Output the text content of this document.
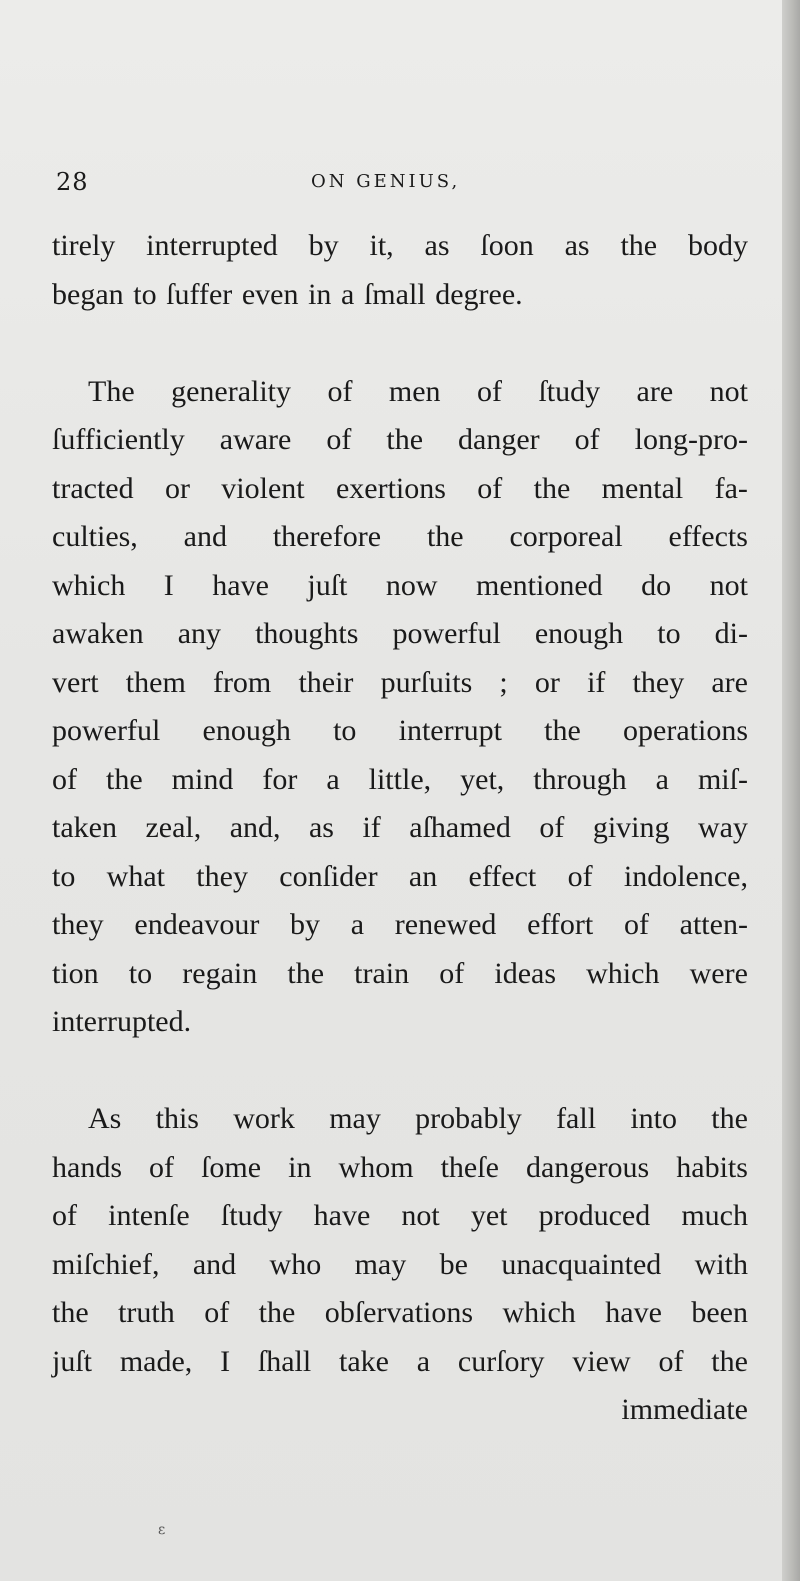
28	ON GENIUS,
tirely interrupted by it, as ſoon as the body
began to ſuffer even in a ſmall degree.
The generality of men of ſtudy are not
ſufficiently aware of the danger of long-pro-
tracted or violent exertions of the mental fa-
culties, and therefore the corporeal effects
which I have juſt now mentioned do not
awaken any thoughts powerful enough to di-
vert them from their purſuits ; or if they are
powerful enough to interrupt the operations
of the mind for a little, yet, through a miſ-
taken zeal, and, as if aſhamed of giving way
to what they conſider an effect of indolence,
they endeavour by a renewed effort of atten-
tion to regain the train of ideas which were
interrupted.
As this work may probably fall into the
hands of ſome in whom theſe dangerous habits
of intenſe ſtudy have not yet produced much
miſchief, and who may be unacquainted with
the truth of the obſervations which have been
juſt made, I ſhall take a curſory view of the
immediate
ε
